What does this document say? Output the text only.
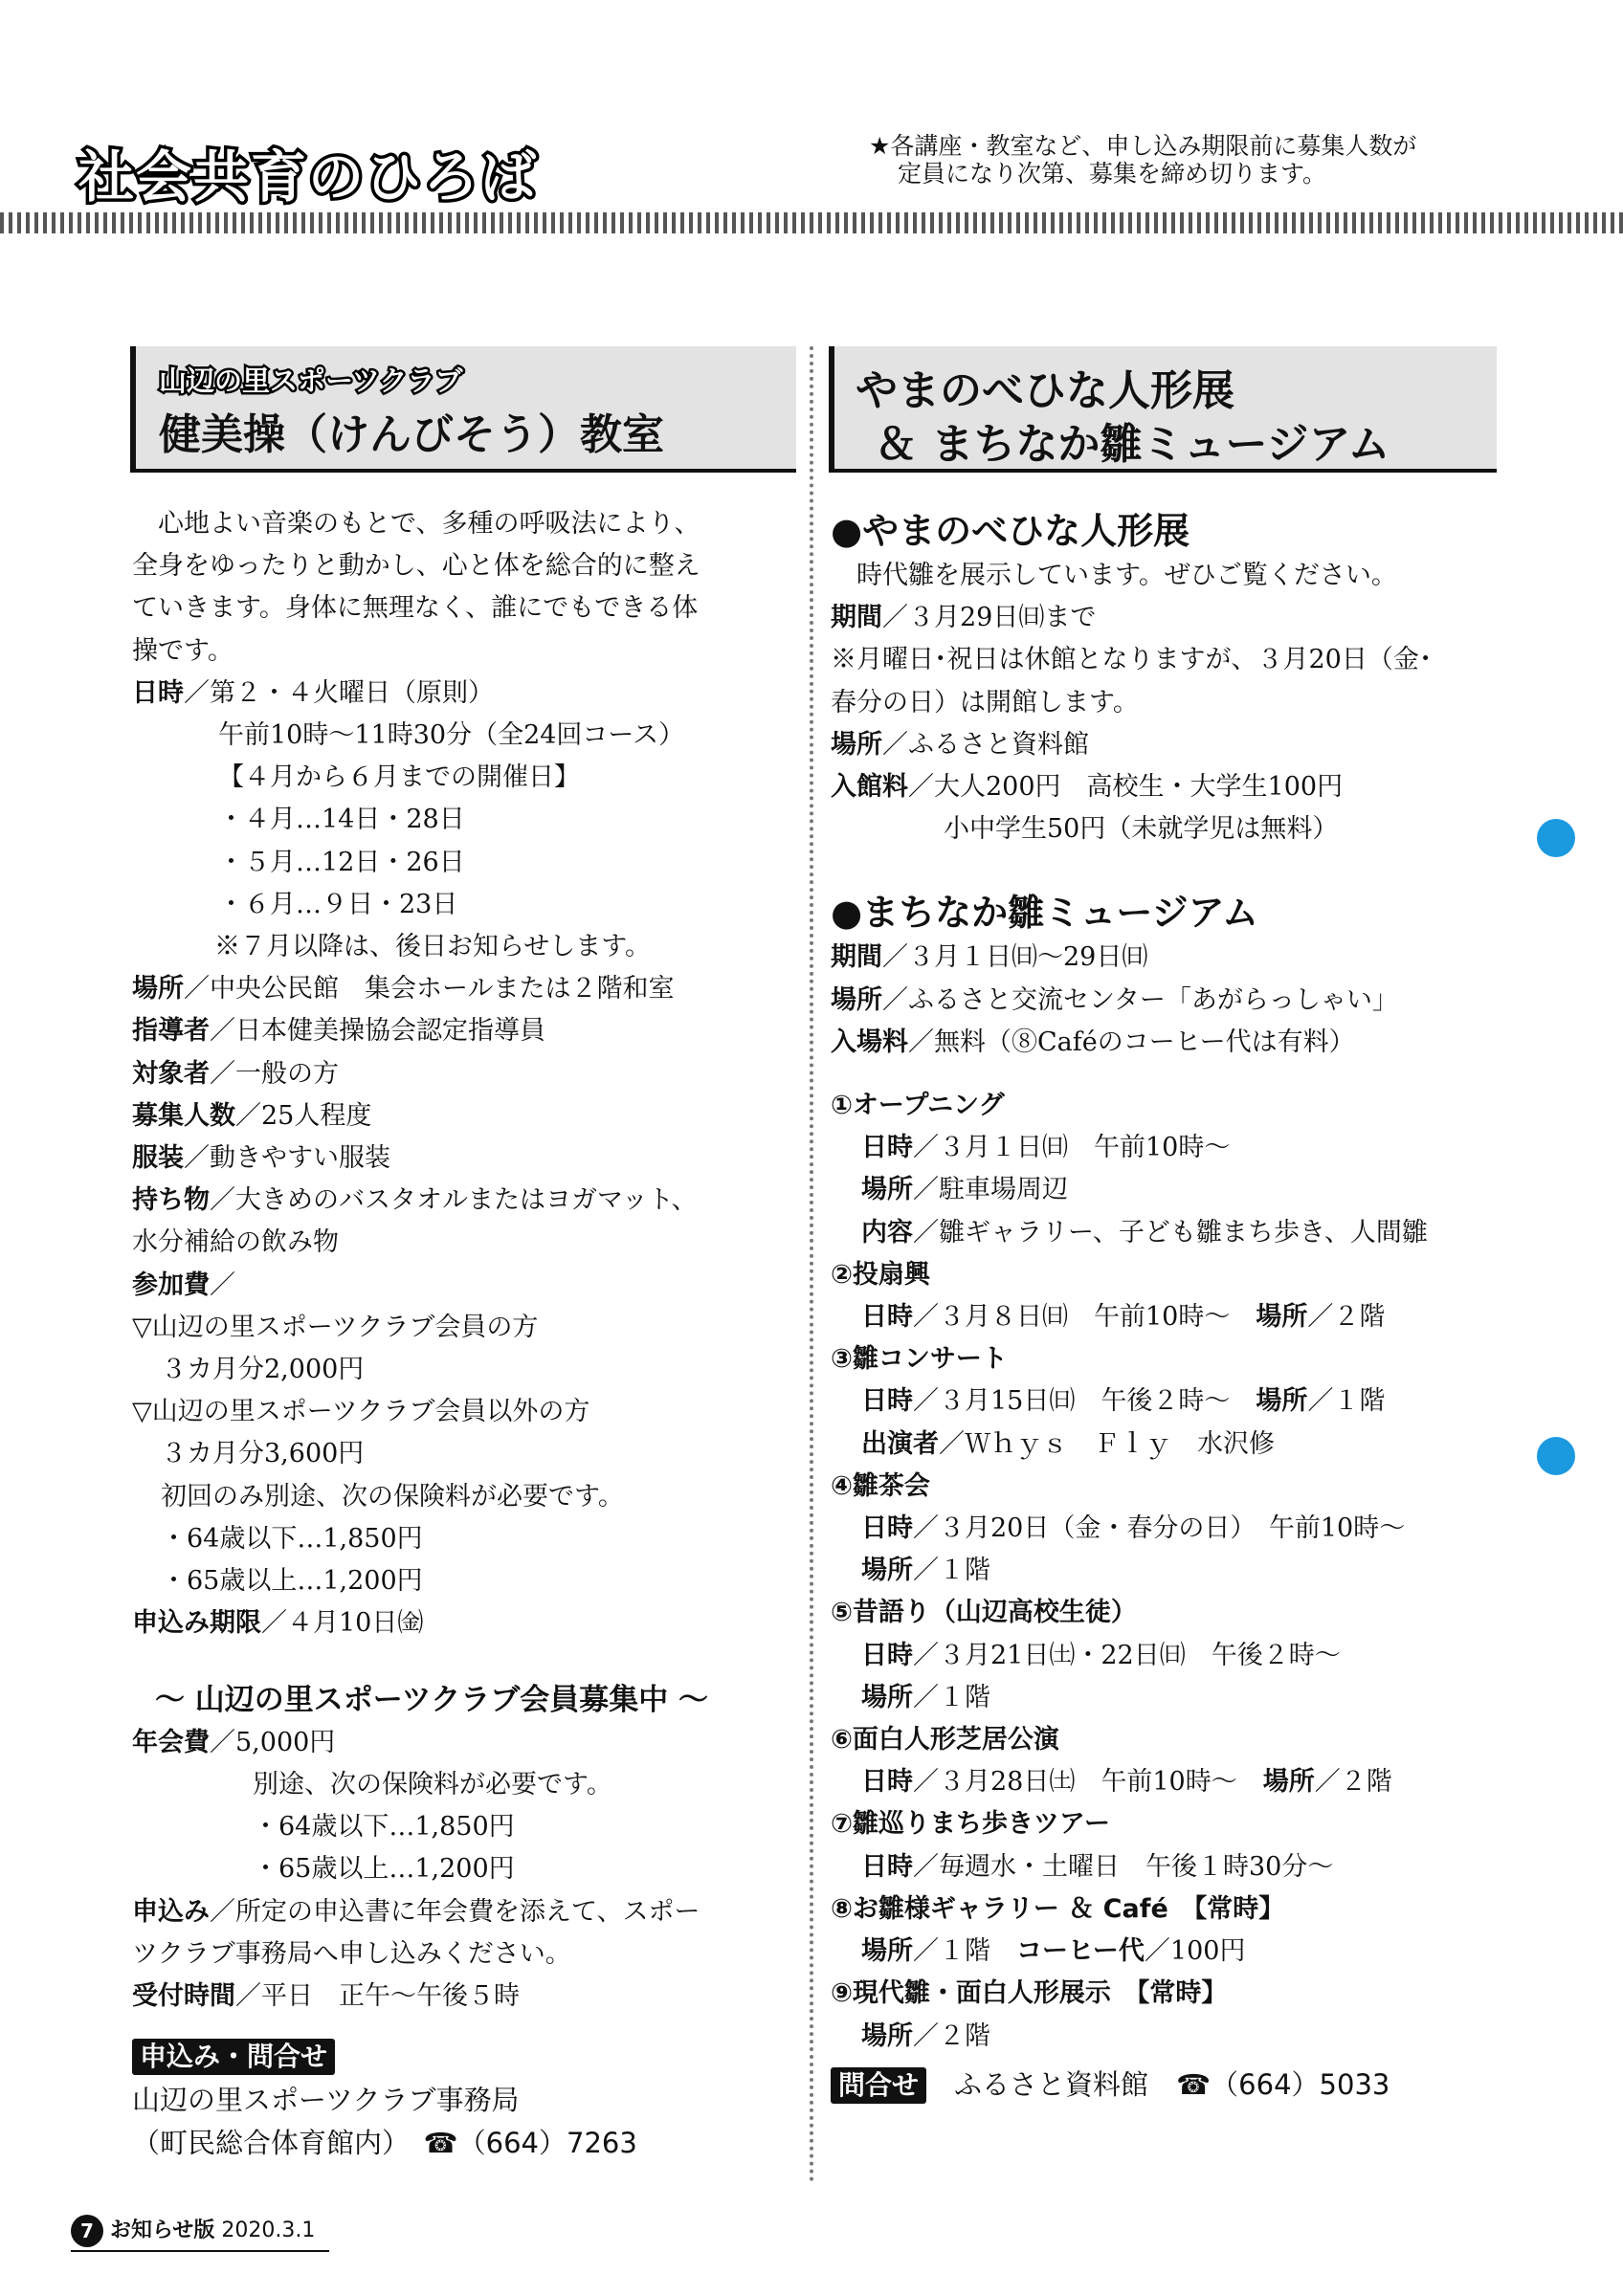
社会共育のひろば	★各講座・教室など、申し込み期限前に募集人数が
定員になり次第、募集を締め切ります。
山辺の里スポーツクラブ
健美操（けんびそう）教室
やまのべひな人形展
＆ まちなか雛ミュージアム
　心地よい音楽のもとで、多種の呼吸法により、
全身をゆったりと動かし、心と体を総合的に整え
ていきます。身体に無理なく、誰にでもできる体
操です。
日時／第２・４火曜日（原則）
午前10時～11時30分（全24回コース）
【４月から６月までの開催日】
・４月…14日・28日
・５月…12日・26日
・６月…９日・23日
※７月以降は、後日お知らせします。
場所／中央公民館　集会ホールまたは２階和室
指導者／日本健美操協会認定指導員
対象者／一般の方
募集人数／25人程度
服装／動きやすい服装
持ち物／大きめのバスタオルまたはヨガマット、
水分補給の飲み物
参加費／
▽山辺の里スポーツクラブ会員の方
３カ月分2,000円
▽山辺の里スポーツクラブ会員以外の方
３カ月分3,600円
初回のみ別途、次の保険料が必要です。
・64歳以下…1,850円
・65歳以上…1,200円
申込み期限／４月10日㈮
～ 山辺の里スポーツクラブ会員募集中 ～
年会費／5,000円
別途、次の保険料が必要です。
・64歳以下…1,850円
・65歳以上…1,200円
申込み／所定の申込書に年会費を添えて、スポー
ツクラブ事務局へ申し込みください。
受付時間／平日　正午～午後５時
申込み・問合せ
山辺の里スポーツクラブ事務局
（町民総合体育館内）　 ☎（664）7263
●やまのべひな人形展
　時代雛を展示しています。ぜひご覧ください。
期間／３月29日㈰まで
※月曜日･祝日は休館となりますが、３月20日（金･
春分の日）は開館します。
場所／ふるさと資料館
入館料／大人200円　高校生・大学生100円
小中学生50円（未就学児は無料）
●まちなか雛ミュージアム
期間／３月１日㈰～29日㈰
場所／ふるさと交流センター「あがらっしゃい」
入場料／無料（⑧Caféのコーヒー代は有料）
①オープニング
日時／３月１日㈰　午前10時～
場所／駐車場周辺
内容／雛ギャラリー、子ども雛まち歩き、人間雛
②投扇興
日時／３月８日㈰　午前10時～　場所／２階
③雛コンサート
日時／３月15日㈰　午後２時～　場所／１階
出演者／Ｗｈｙｓ　Ｆｌｙ　水沢修
④雛茶会
日時／３月20日（金・春分の日）　午前10時～
場所／１階
⑤昔語り（山辺高校生徒）
日時／３月21日㈯・22日㈰　午後２時～
場所／１階
⑥面白人形芝居公演
日時／３月28日㈯　午前10時～　場所／２階
⑦雛巡りまち歩きツアー
日時／毎週水・土曜日　午後１時30分～
⑧お雛様ギャラリー ＆ Café　【常時】
場所／１階　コーヒー代／100円
⑨現代雛・面白人形展示　【常時】
場所／２階
問合せ　 ふるさと資料館　 ☎（664）5033
7 お知らせ版 2020.3.1
